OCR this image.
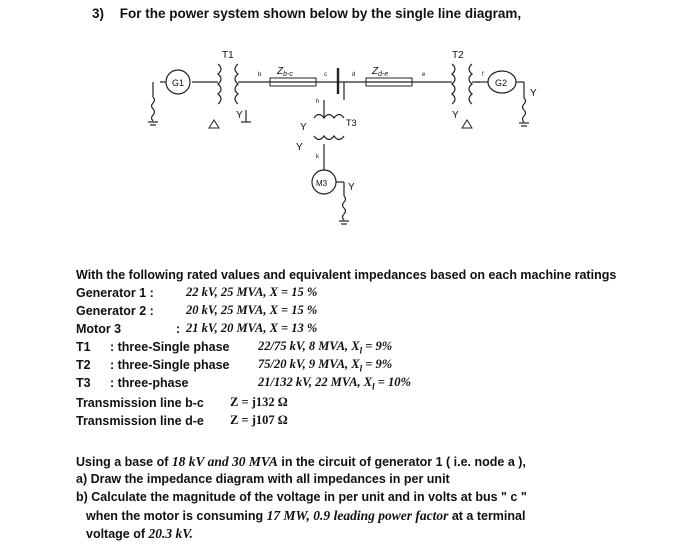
3) For the power system shown below by the single line diagram,
T1	T2
T3
G1	G2
M3
$Z_{b-c}$	$Z_{d-e}$
b	c	d	e	f
h
k
Y	Y
Y
Y
Y
Y
With the following rated values and equivalent impedances based on each machine ratings
Generator 1 :	22 kV, 25 MVA, X = 15 %
Generator 2 :	20 kV, 25 MVA, X = 15 %
Motor 3	: 21 kV, 20 MVA, X = 13 %
T1 : three-Single phase 22/75 kV, 8 MVA, $X_l = 9\%$
T2 : three-Single phase 75/20 kV, 9 MVA, $X_l = 9\%$
T3 : three-phase	21/132 kV, 22 MVA, $X_l = 10\%$
Transmission line b-c Z = j132 Ω
Transmission line d-e Z = j107 Ω
Using a base of 18 kV and 30 MVA in the circuit of generator 1 ( i.e. node a ),
a) Draw the impedance diagram with all impedances in per unit
b) Calculate the magnitude of the voltage in per unit and in volts at bus " c "
when the motor is consuming 17 MW, 0.9 leading power factor at a terminal
voltage of 20.3 kV.
